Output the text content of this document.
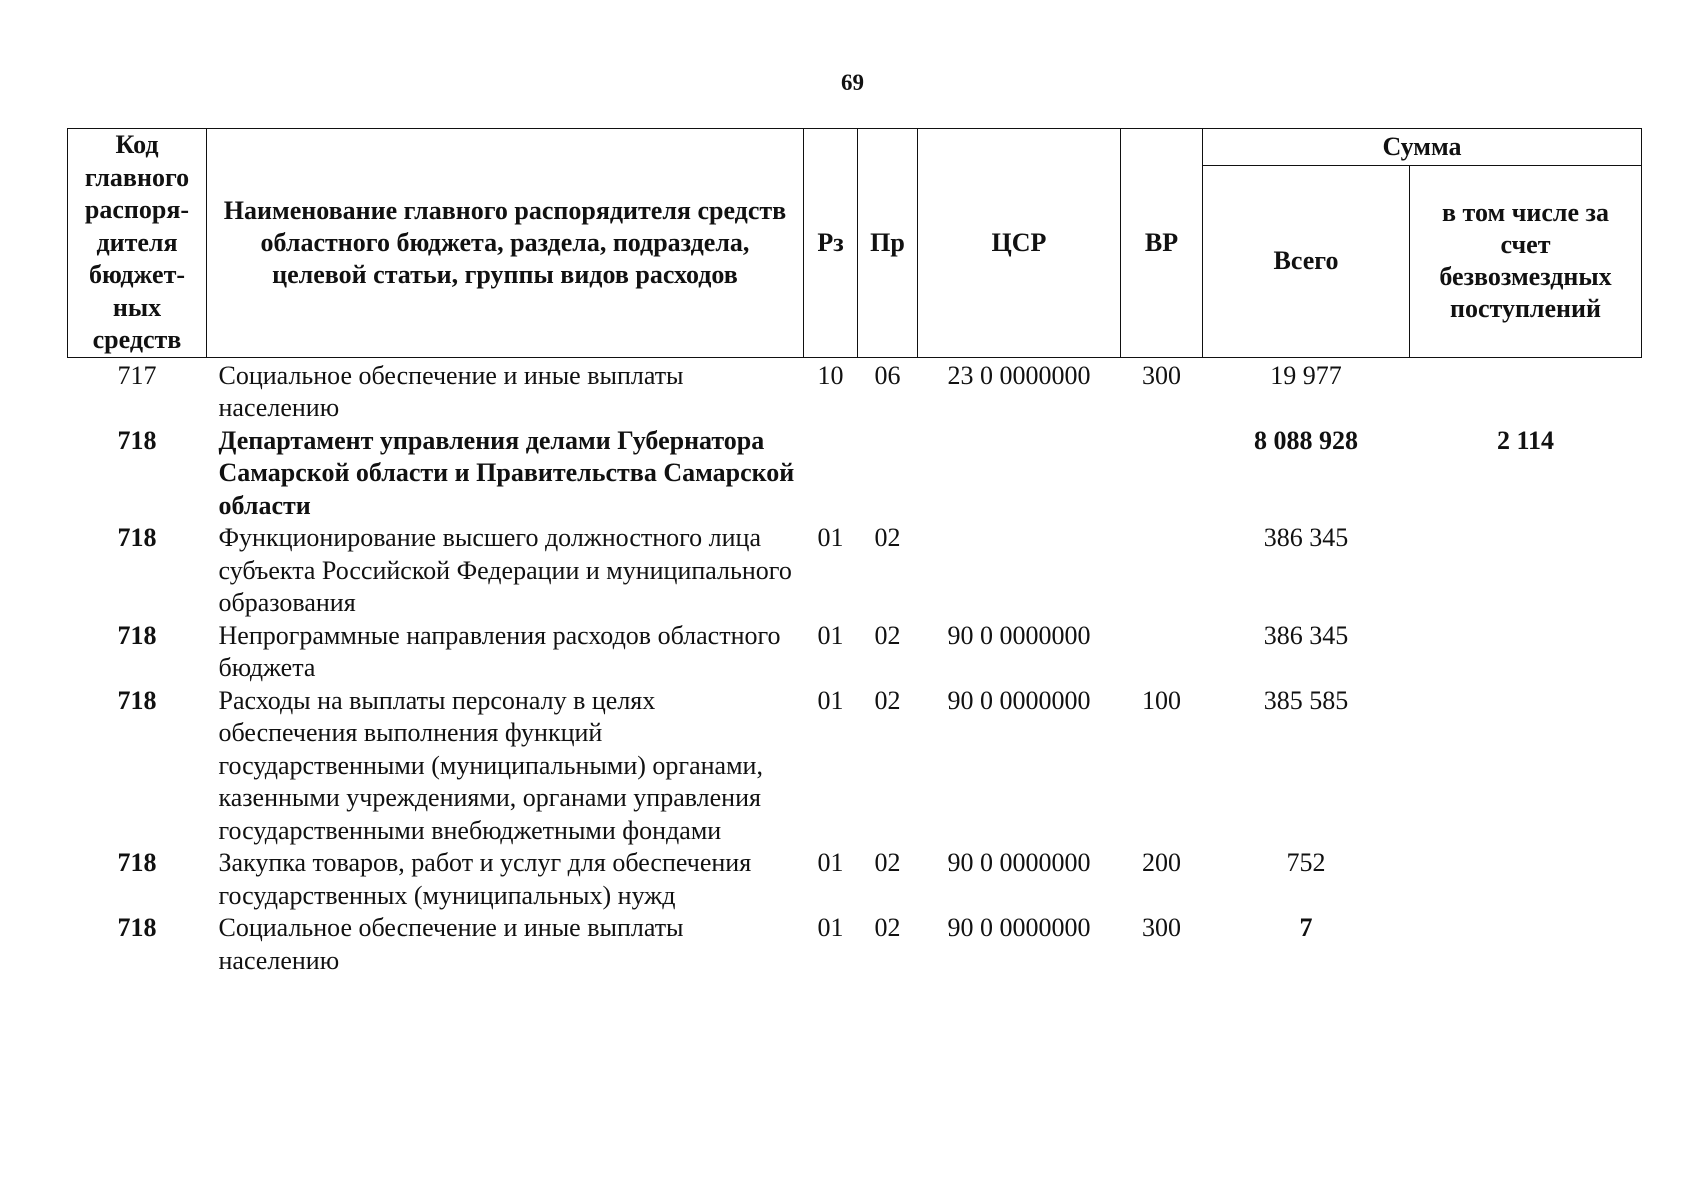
69
Код главного распоря-дителя бюджет-ных средств	Наименование главного распорядителя средств областного бюджета, раздела, подраздела, целевой статьи, группы видов расходов	Рз	Пр	ЦСР	ВР	Сумма	
						Всего	в том числе за счет безвозмездных поступлений
717	Социальное обеспечение и иные выплаты населению	10	06	23 0 0000000	300	19 977	
718	Департамент управления делами Губернатора Самарской области и Правительства Самарской области					8 088 928	2 114
718	Функционирование высшего должностного лица субъекта Российской Федерации и муниципального образования	01	02			386 345	
718	Непрограммные направления расходов областного бюджета	01	02	90 0 0000000		386 345	
718	Расходы на выплаты персоналу в целях обеспечения выполнения функций государственными (муниципальными) органами, казенными учреждениями, органами управления государственными внебюджетными фондами	01	02	90 0 0000000	100	385 585	
718	Закупка товаров, работ и услуг для обеспечения государственных (муниципальных) нужд	01	02	90 0 0000000	200	752	
718	Социальное обеспечение и иные выплаты населению	01	02	90 0 0000000	300	7	
